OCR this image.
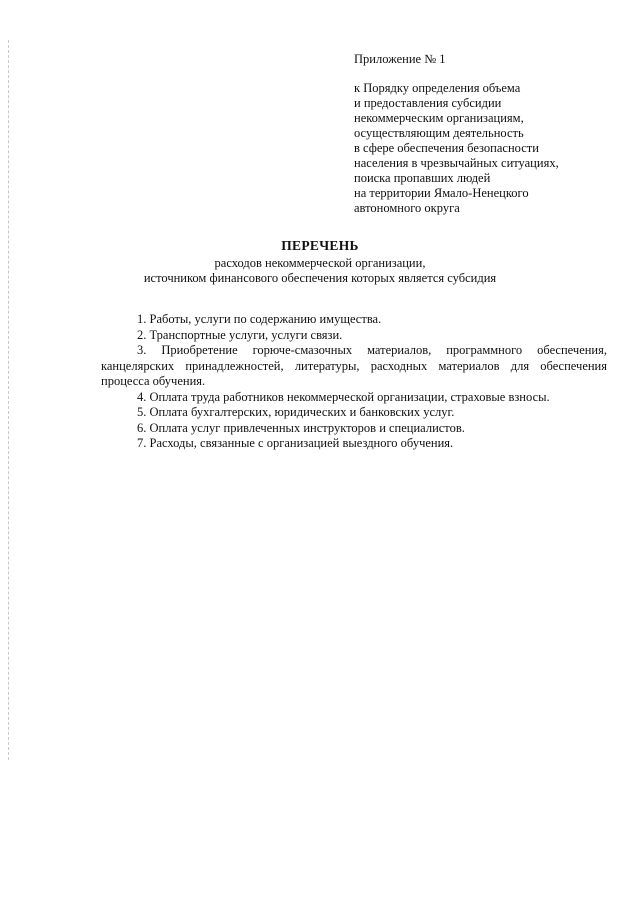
Приложение № 1

к Порядку определения объема
и предоставления субсидии
некоммерческим организациям,
осуществляющим деятельность
в сфере обеспечения безопасности
населения в чрезвычайных ситуациях,
поиска пропавших людей
на территории Ямало-Ненецкого
автономного округа

ПЕРЕЧЕНЬ

расходов некоммерческой организации,
источником финансового обеспечения которых является субсидия

1. Работы, услуги по содержанию имущества.

2. Транспортные услуги, услуги связи.

3. Приобретение горюче-смазочных материалов, программного обеспечения, канцелярских принадлежностей, литературы, расходных материалов для обеспечения процесса обучения.

4. Оплата труда работников некоммерческой организации, страховые взносы.

5. Оплата бухгалтерских, юридических и банковских услуг.

6. Оплата услуг привлеченных инструкторов и специалистов.

7. Расходы, связанные с организацией выездного обучения.
